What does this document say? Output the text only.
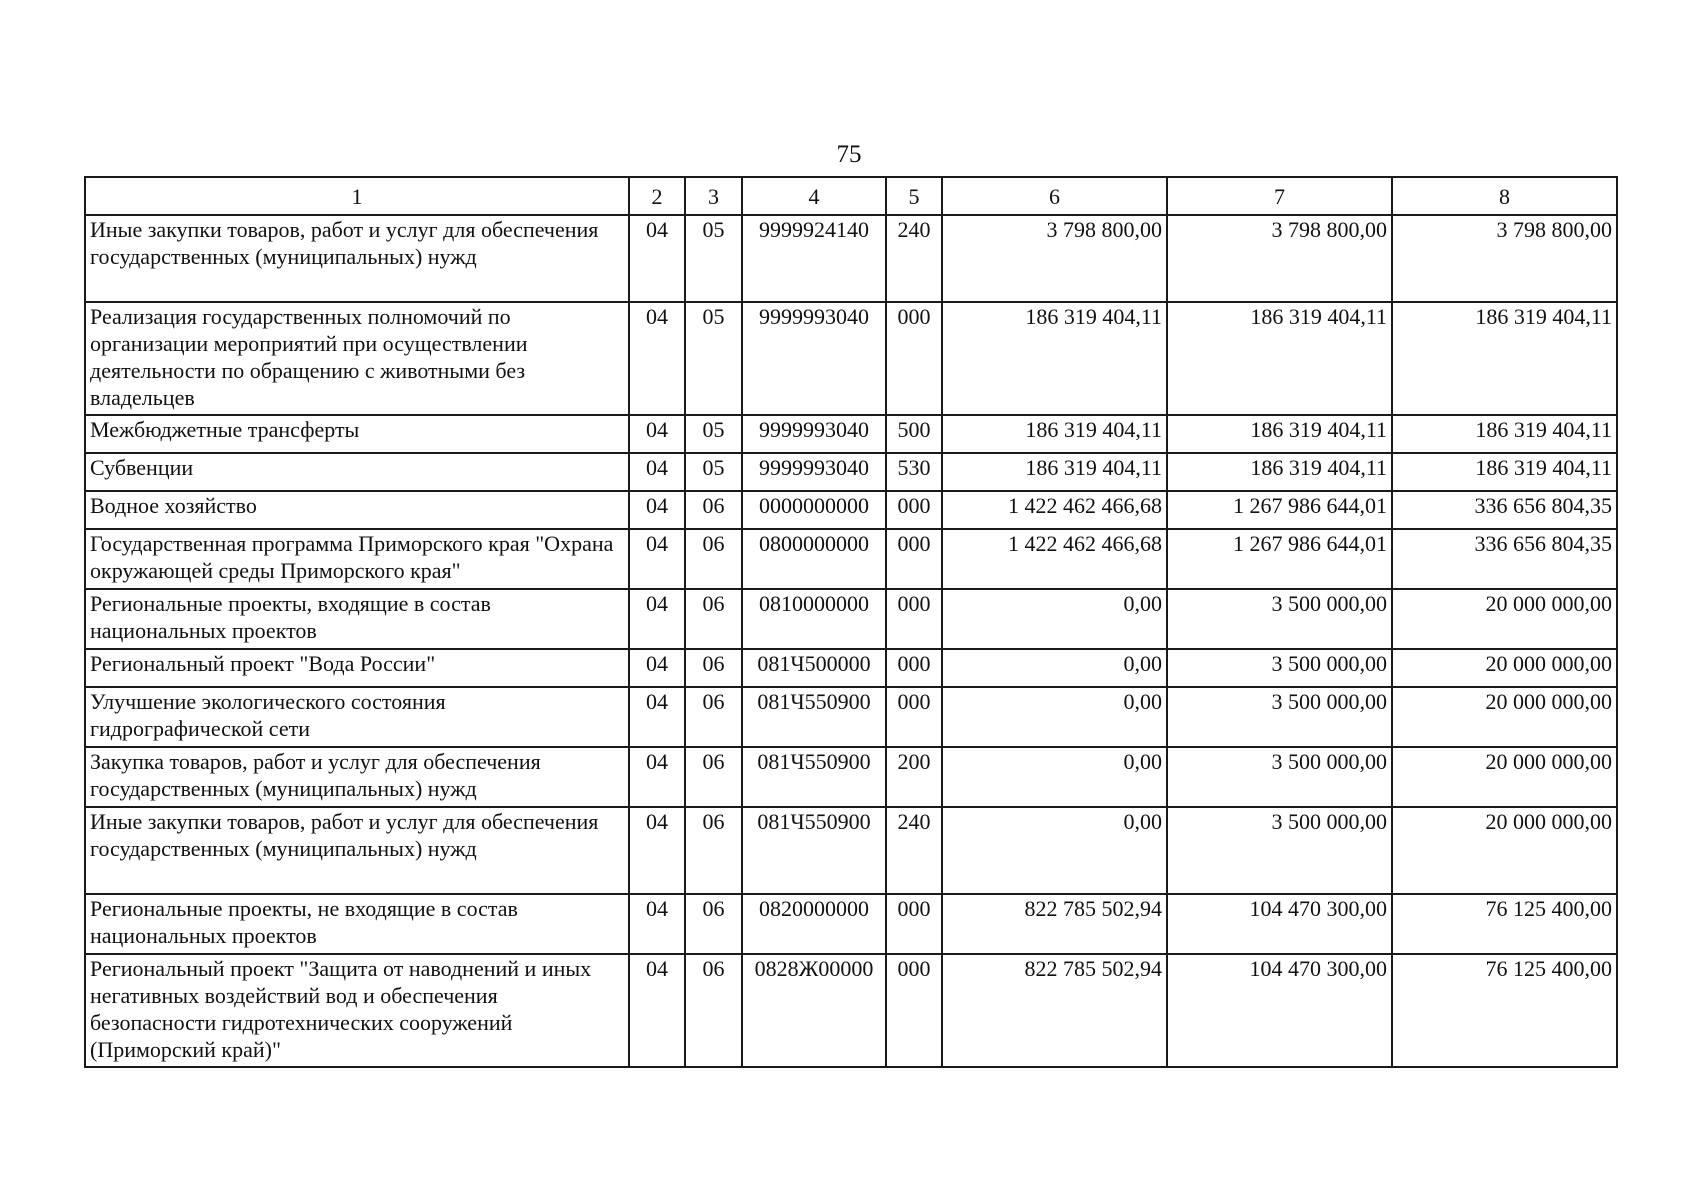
75
1	2	3	4	5	6	7	8
Иные закупки товаров, работ и услуг для обеспечения государственных (муниципальных) нужд	04	05	9999924140	240	3 798 800,00	3 798 800,00	3 798 800,00
Реализация государственных полномочий по организации мероприятий при осуществлении деятельности по обращению с животными без владельцев	04	05	9999993040	000	186 319 404,11	186 319 404,11	186 319 404,11
Межбюджетные трансферты	04	05	9999993040	500	186 319 404,11	186 319 404,11	186 319 404,11
Субвенции	04	05	9999993040	530	186 319 404,11	186 319 404,11	186 319 404,11
Водное хозяйство	04	06	0000000000	000	1 422 462 466,68	1 267 986 644,01	336 656 804,35
Государственная программа Приморского края "Охрана окружающей среды Приморского края"	04	06	0800000000	000	1 422 462 466,68	1 267 986 644,01	336 656 804,35
Региональные проекты, входящие в состав национальных проектов	04	06	0810000000	000	0,00	3 500 000,00	20 000 000,00
Региональный проект "Вода России"	04	06	081Ч500000	000	0,00	3 500 000,00	20 000 000,00
Улучшение экологического состояния гидрографической сети	04	06	081Ч550900	000	0,00	3 500 000,00	20 000 000,00
Закупка товаров, работ и услуг для обеспечения государственных (муниципальных) нужд	04	06	081Ч550900	200	0,00	3 500 000,00	20 000 000,00
Иные закупки товаров, работ и услуг для обеспечения государственных (муниципальных) нужд	04	06	081Ч550900	240	0,00	3 500 000,00	20 000 000,00
Региональные проекты, не входящие в состав национальных проектов	04	06	0820000000	000	822 785 502,94	104 470 300,00	76 125 400,00
Региональный проект "Защита от наводнений и иных негативных воздействий вод и обеспечения безопасности гидротехнических сооружений (Приморский край)"	04	06	0828Ж00000	000	822 785 502,94	104 470 300,00	76 125 400,00
